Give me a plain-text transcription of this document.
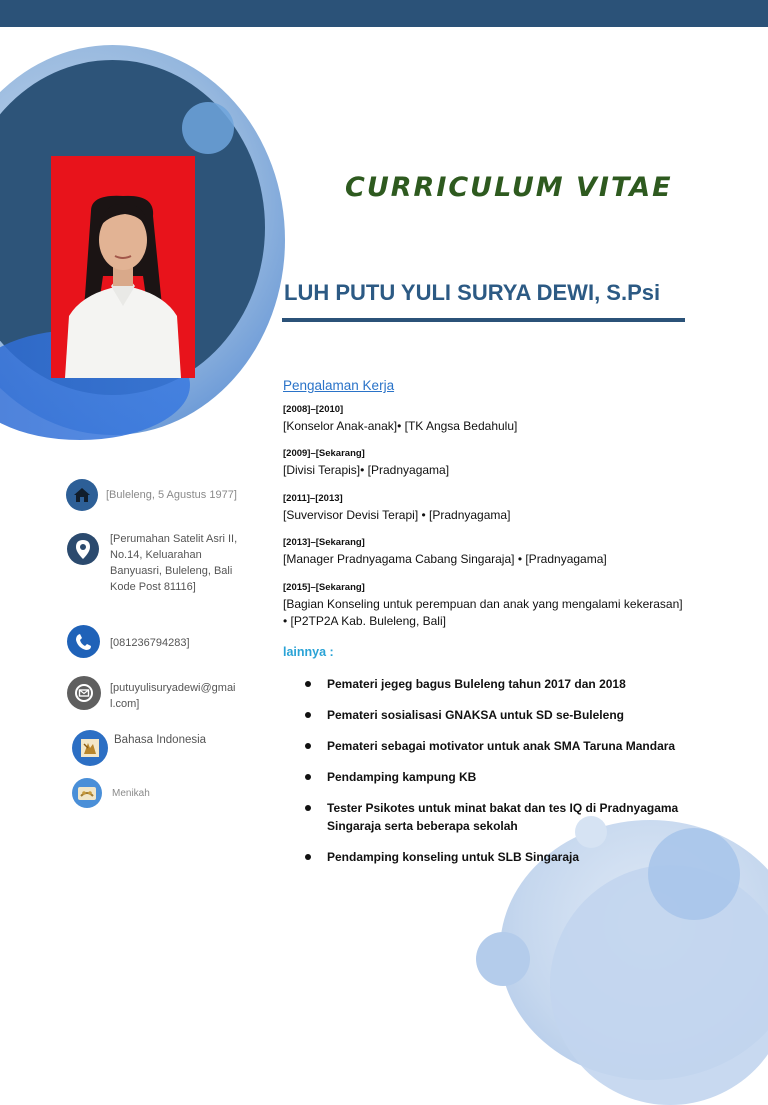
CURRICULUM VITAE
LUH PUTU YULI SURYA DEWI, S.Psi
[Buleleng, 5 Agustus 1977]
[Perumahan Satelit Asri II, No.14, Keluarahan Banyuasri, Buleleng, Bali Kode Post 81116]
[081236794283]
[putuyulisuryadewi@gmail.com]
Bahasa Indonesia
Menikah
Pengalaman Kerja
[2008]–[2010]
[Konselor Anak-anak]• [TK Angsa Bedahulu]
[2009]–[Sekarang]
[Divisi Terapis]• [Pradnyagama]
[2011]–[2013]
[Suvervisor Devisi Terapi] • [Pradnyagama]
[2013]–[Sekarang]
[Manager Pradnyagama Cabang Singaraja] • [Pradnyagama]
[2015]–[Sekarang]
[Bagian Konseling untuk perempuan dan anak yang mengalami kekerasan] • [P2TP2A Kab. Buleleng, Bali]
lainnya :
Pemateri jegeg bagus Buleleng tahun 2017 dan 2018
Pemateri sosialisasi GNAKSA untuk SD se-Buleleng
Pemateri sebagai motivator untuk anak SMA Taruna Mandara
Pendamping kampung KB
Tester Psikotes untuk minat bakat dan tes IQ di Pradnyagama Singaraja serta beberapa sekolah
Pendamping konseling untuk SLB Singaraja
